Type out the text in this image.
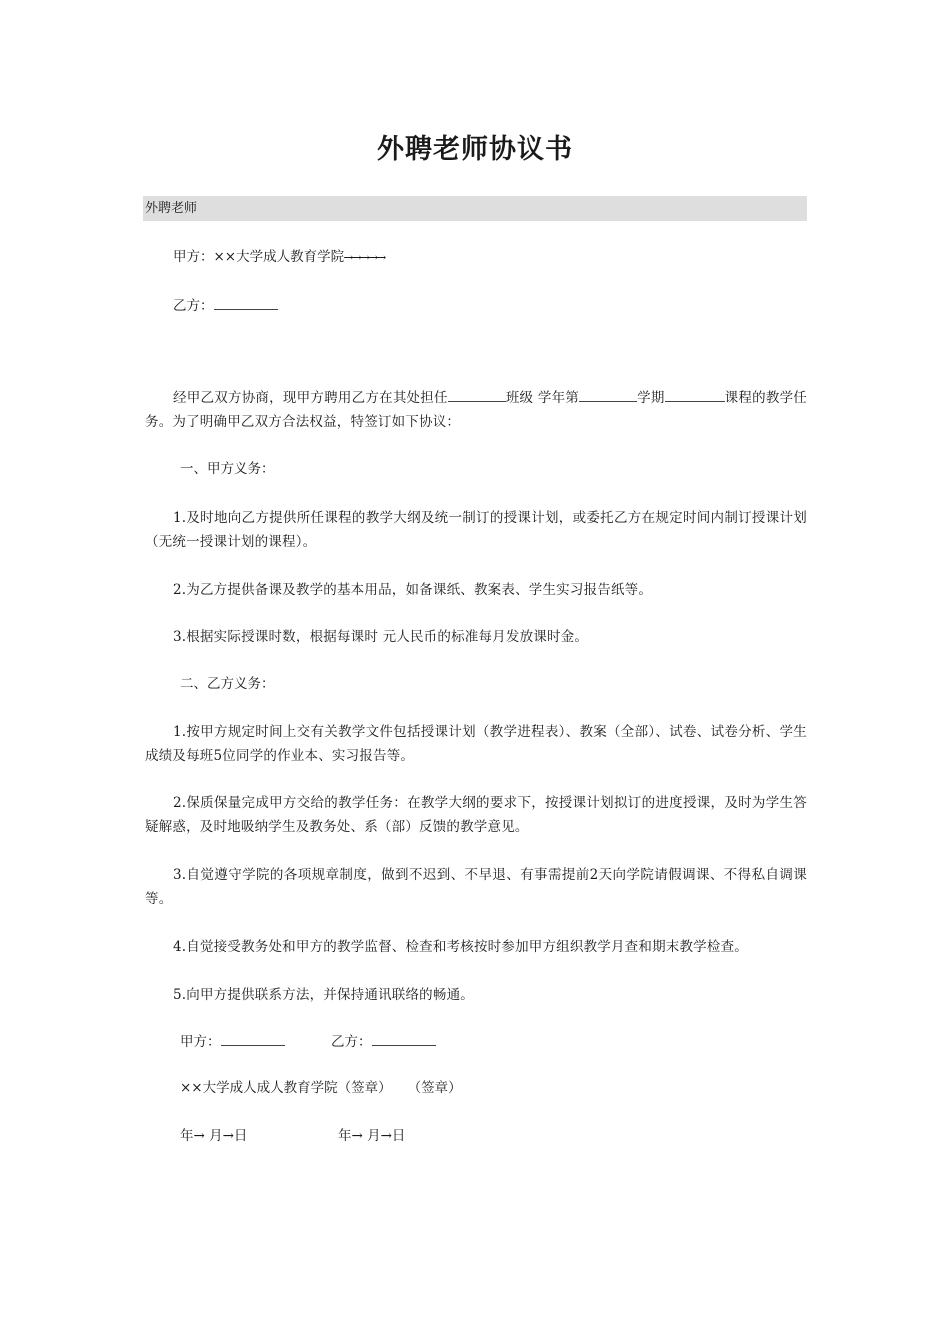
外聘老师协议书
外聘老师
甲方：××大学成人教育学院→→→→→
乙方：
经甲乙双方协商，现甲方聘用乙方在其处担任	班级 学年第	学期	课程的教学任务。为了明确甲乙双方合法权益，特签订如下协议：
一、甲方义务：
1.及时地向乙方提供所任课程的教学大纲及统一制订的授课计划，或委托乙方在规定时间内制订授课计划（无统一授课计划的课程）。
2.为乙方提供备课及教学的基本用品，如备课纸、教案表、学生实习报告纸等。
3.根据实际授课时数，根据每课时 元人民币的标准每月发放课时金。
二、乙方义务：
1.按甲方规定时间上交有关教学文件包括授课计划（教学进程表）、教案（全部）、试卷、试卷分析、学生成绩及每班5位同学的作业本、实习报告等。
2.保质保量完成甲方交给的教学任务：在教学大纲的要求下，按授课计划拟订的进度授课，及时为学生答疑解惑，及时地吸纳学生及教务处、系（部）反馈的教学意见。
3.自觉遵守学院的各项规章制度，做到不迟到、不早退、有事需提前2天向学院请假调课、不得私自调课等。
4.自觉接受教务处和甲方的教学监督、检查和考核按时参加甲方组织教学月查和期末教学检查。
5.向甲方提供联系方法，并保持通讯联络的畅通。
甲方：	乙方：
××大学成人成人教育学院（签章） （签章）
年→ 月→日	年→ 月→日
